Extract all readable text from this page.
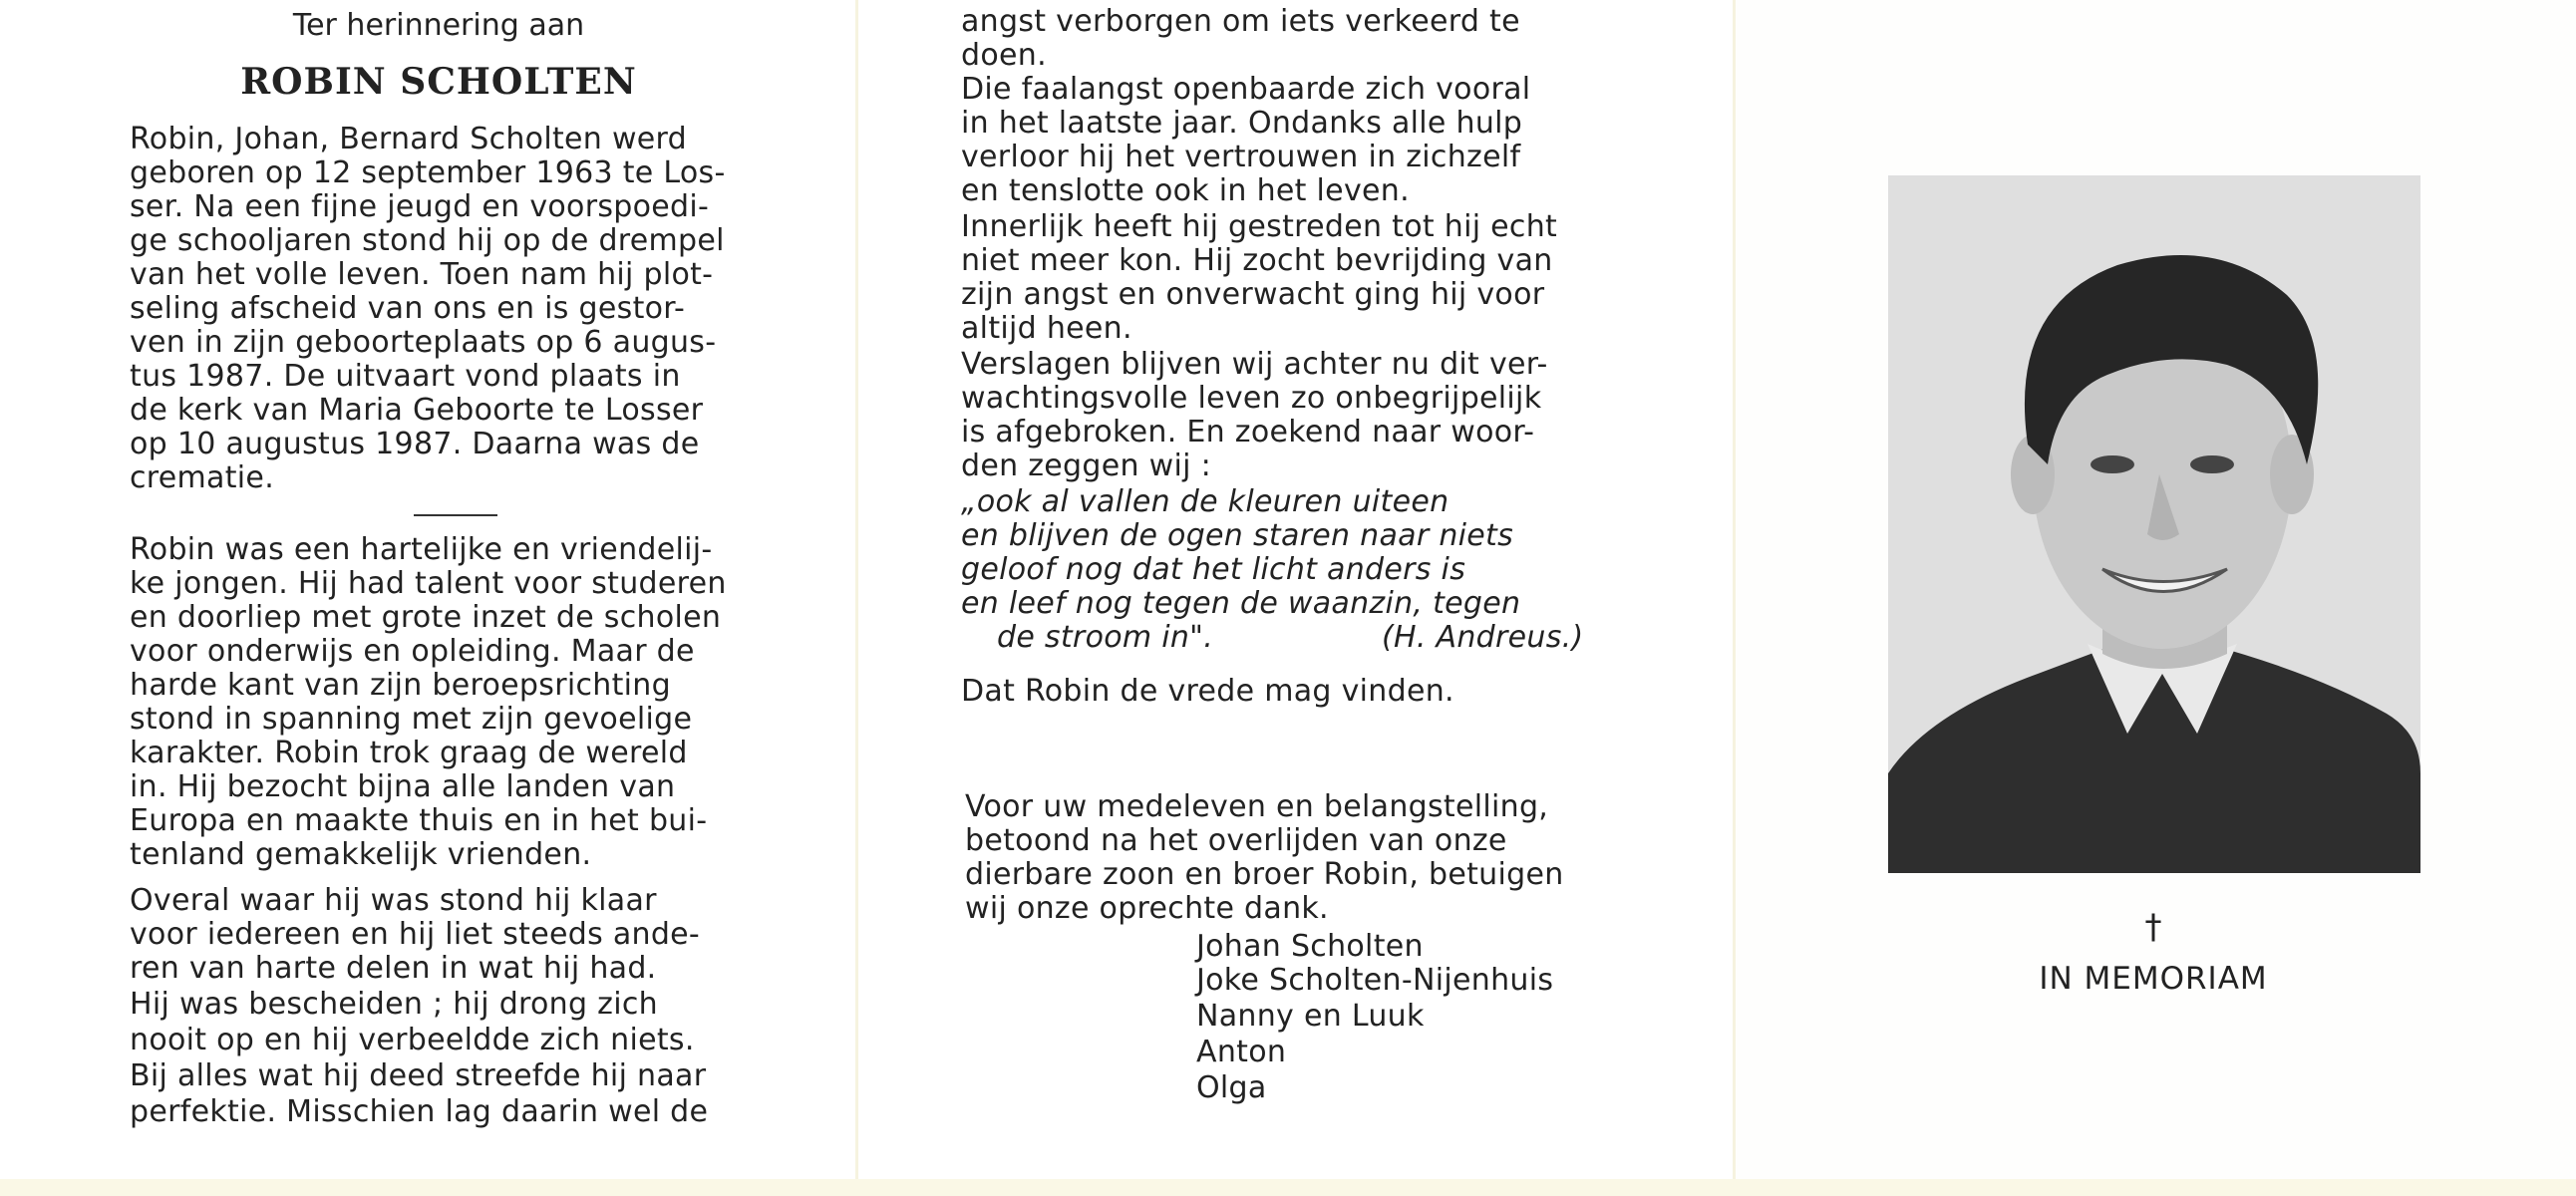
Ter herinnering aan
ROBIN SCHOLTEN
Robin, Johan, Bernard Scholten werd
geboren op 12 september 1963 te Los-
ser. Na een fijne jeugd en voorspoedi-
ge schooljaren stond hij op de drempel
van het volle leven. Toen nam hij plot-
seling afscheid van ons en is gestor-
ven in zijn geboorteplaats op 6 augus-
tus 1987. De uitvaart vond plaats in
de kerk van Maria Geboorte te Losser
op 10 augustus 1987. Daarna was de
crematie.
Robin was een hartelijke en vriendelij-
ke jongen. Hij had talent voor studeren
en doorliep met grote inzet de scholen
voor onderwijs en opleiding. Maar de
harde kant van zijn beroepsrichting
stond in spanning met zijn gevoelige
karakter. Robin trok graag de wereld
in. Hij bezocht bijna alle landen van
Europa en maakte thuis en in het bui-
tenland gemakkelijk vrienden.
Overal waar hij was stond hij klaar
voor iedereen en hij liet steeds ande-
ren van harte delen in wat hij had.
Hij was bescheiden ; hij drong zich
nooit op en hij verbeeldde zich niets.
Bij alles wat hij deed streefde hij naar
perfektie. Misschien lag daarin wel de
angst verborgen om iets verkeerd te
doen.
Die faalangst openbaarde zich vooral
in het laatste jaar. Ondanks alle hulp
verloor hij het vertrouwen in zichzelf
en tenslotte ook in het leven.
Innerlijk heeft hij gestreden tot hij echt
niet meer kon. Hij zocht bevrijding van
zijn angst en onverwacht ging hij voor
altijd heen.
Verslagen blijven wij achter nu dit ver-
wachtingsvolle leven zo onbegrijpelijk
is afgebroken. En zoekend naar woor-
den zeggen wij :
„ook al vallen de kleuren uiteen
en blijven de ogen staren naar niets
geloof nog dat het licht anders is
en leef nog tegen de waanzin, tegen
de stroom in".	(H. Andreus.)
Dat Robin de vrede mag vinden.
Voor uw medeleven en belangstelling,
betoond na het overlijden van onze
dierbare zoon en broer Robin, betuigen
wij onze oprechte dank.
Johan Scholten
Joke Scholten-Nijenhuis
Nanny en Luuk
Anton
Olga
†
IN MEMORIAM
